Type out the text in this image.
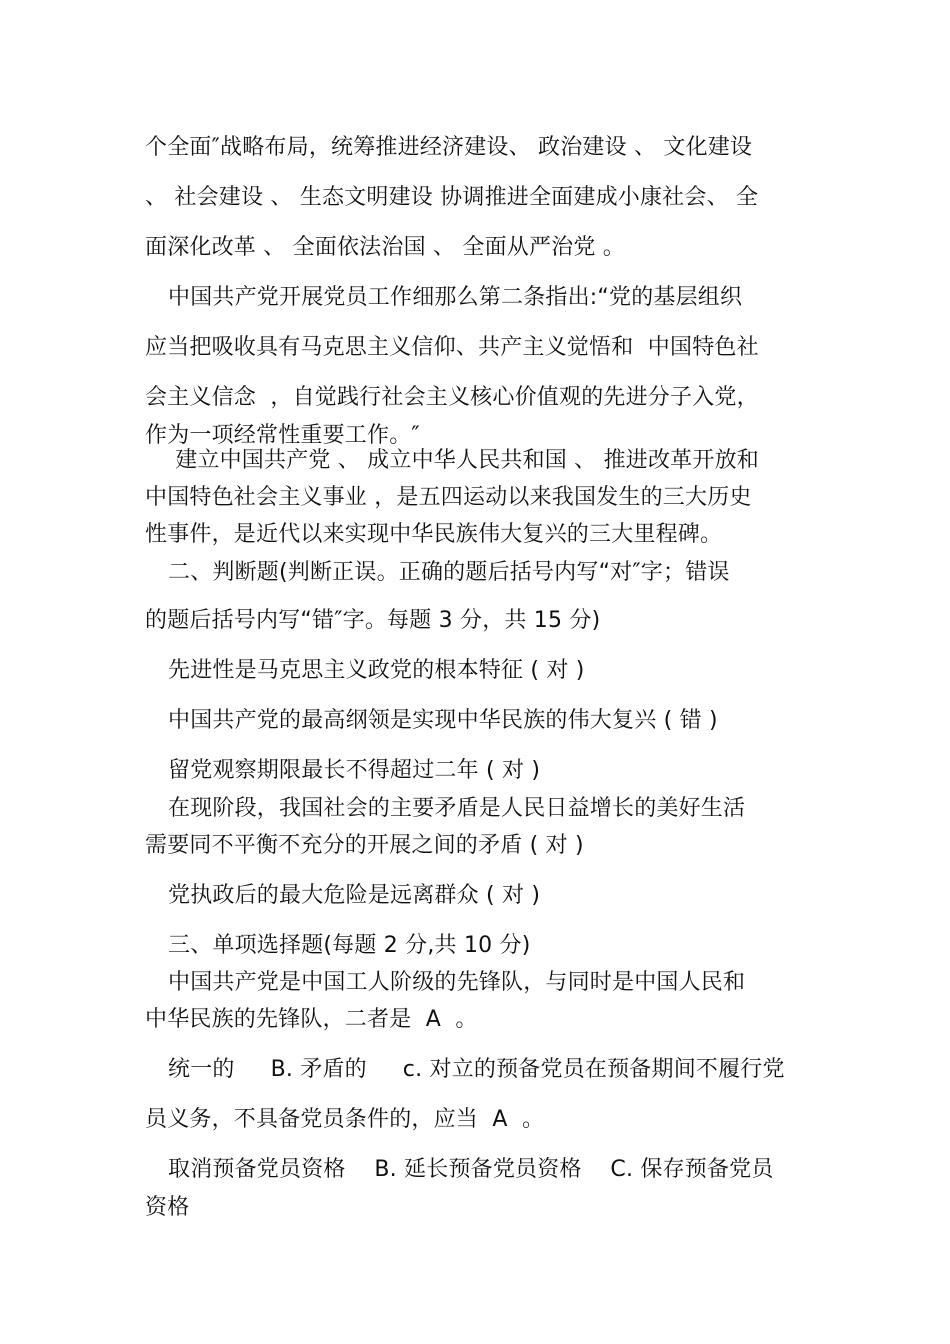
个全面″战略布局，统筹推进经济建设、 政治建设 、 文化建设
、 社会建设 、 生态文明建设 协调推进全面建成小康社会、 全
面深化改革 、 全面依法治国 、 全面从严治党 。
中国共产党开展党员工作细那么第二条指出:“党的基层组织
应当把吸收具有马克思主义信仰、共产主义觉悟和  中国特色社
会主义信念  ，自觉践行社会主义核心价值观的先进分子入党，
作为一项经常性重要工作。″
建立中国共产党 、 成立中华人民共和国 、 推进改革开放和
中国特色社会主义事业 ，是五四运动以来我国发生的三大历史
性事件，是近代以来实现中华民族伟大复兴的三大里程碑。
二、判断题(判断正误。正确的题后括号内写“对″字；错误
的题后括号内写“错″字。每题 3 分，共 15 分)
先进性是马克思主义政党的根本特征 ( 对 )
中国共产党的最高纲领是实现中华民族的伟大复兴 ( 错 )
留党观察期限最长不得超过二年 ( 对 )
在现阶段，我国社会的主要矛盾是人民日益增长的美好生活
需要同不平衡不充分的开展之间的矛盾 ( 对 )
党执政后的最大危险是远离群众 ( 对 )
三、单项选择题(每题 2 分,共 10 分)
中国共产党是中国工人阶级的先锋队，与同时是中国人民和
中华民族的先锋队，二者是  A  。
统一的     B. 矛盾的     c. 对立的预备党员在预备期间不履行党
员义务，不具备党员条件的，应当  A  。
取消预备党员资格    B. 延长预备党员资格    C. 保存预备党员
资格
